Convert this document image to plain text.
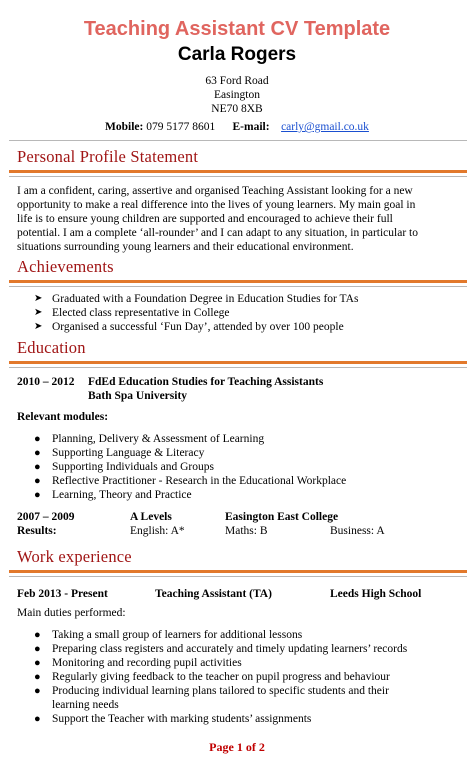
Teaching Assistant CV Template
Carla Rogers
63 Ford Road
Easington
NE70 8XB
Mobile: 079 5177 8601 E-mail: carly@gmail.co.uk
Personal Profile Statement
I am a confident, caring, assertive and organised Teaching Assistant looking for a new
opportunity to make a real difference into the lives of young learners. My main goal in
life is to ensure young children are supported and encouraged to achieve their full
potential. I am a complete ‘all-rounder’ and I can adapt to any situation, in particular to
situations surrounding young learners and their educational environment.
Achievements
➤ Graduated with a Foundation Degree in Education Studies for TAs
➤ Elected class representative in College
➤ Organised a successful ‘Fun Day’, attended by over 100 people
Education
2010 – 2012 FdEd Education Studies for Teaching Assistants
Bath Spa University
Relevant modules:
● Planning, Delivery & Assessment of Learning
● Supporting Language & Literacy
● Supporting Individuals and Groups
● Reflective Practitioner - Research in the Educational Workplace
● Learning, Theory and Practice
2007 – 2009	A Levels	Easington East College
Results:	English: A*	Maths: B	Business: A
Work experience
Feb 2013 - Present	Teaching Assistant (TA)	Leeds High School
Main duties performed:
● Taking a small group of learners for additional lessons
● Preparing class registers and accurately and timely updating learners’ records
● Monitoring and recording pupil activities
● Regularly giving feedback to the teacher on pupil progress and behaviour
● Producing individual learning plans tailored to specific students and their learning needs
● Support the Teacher with marking students’ assignments
Page 1 of 2
